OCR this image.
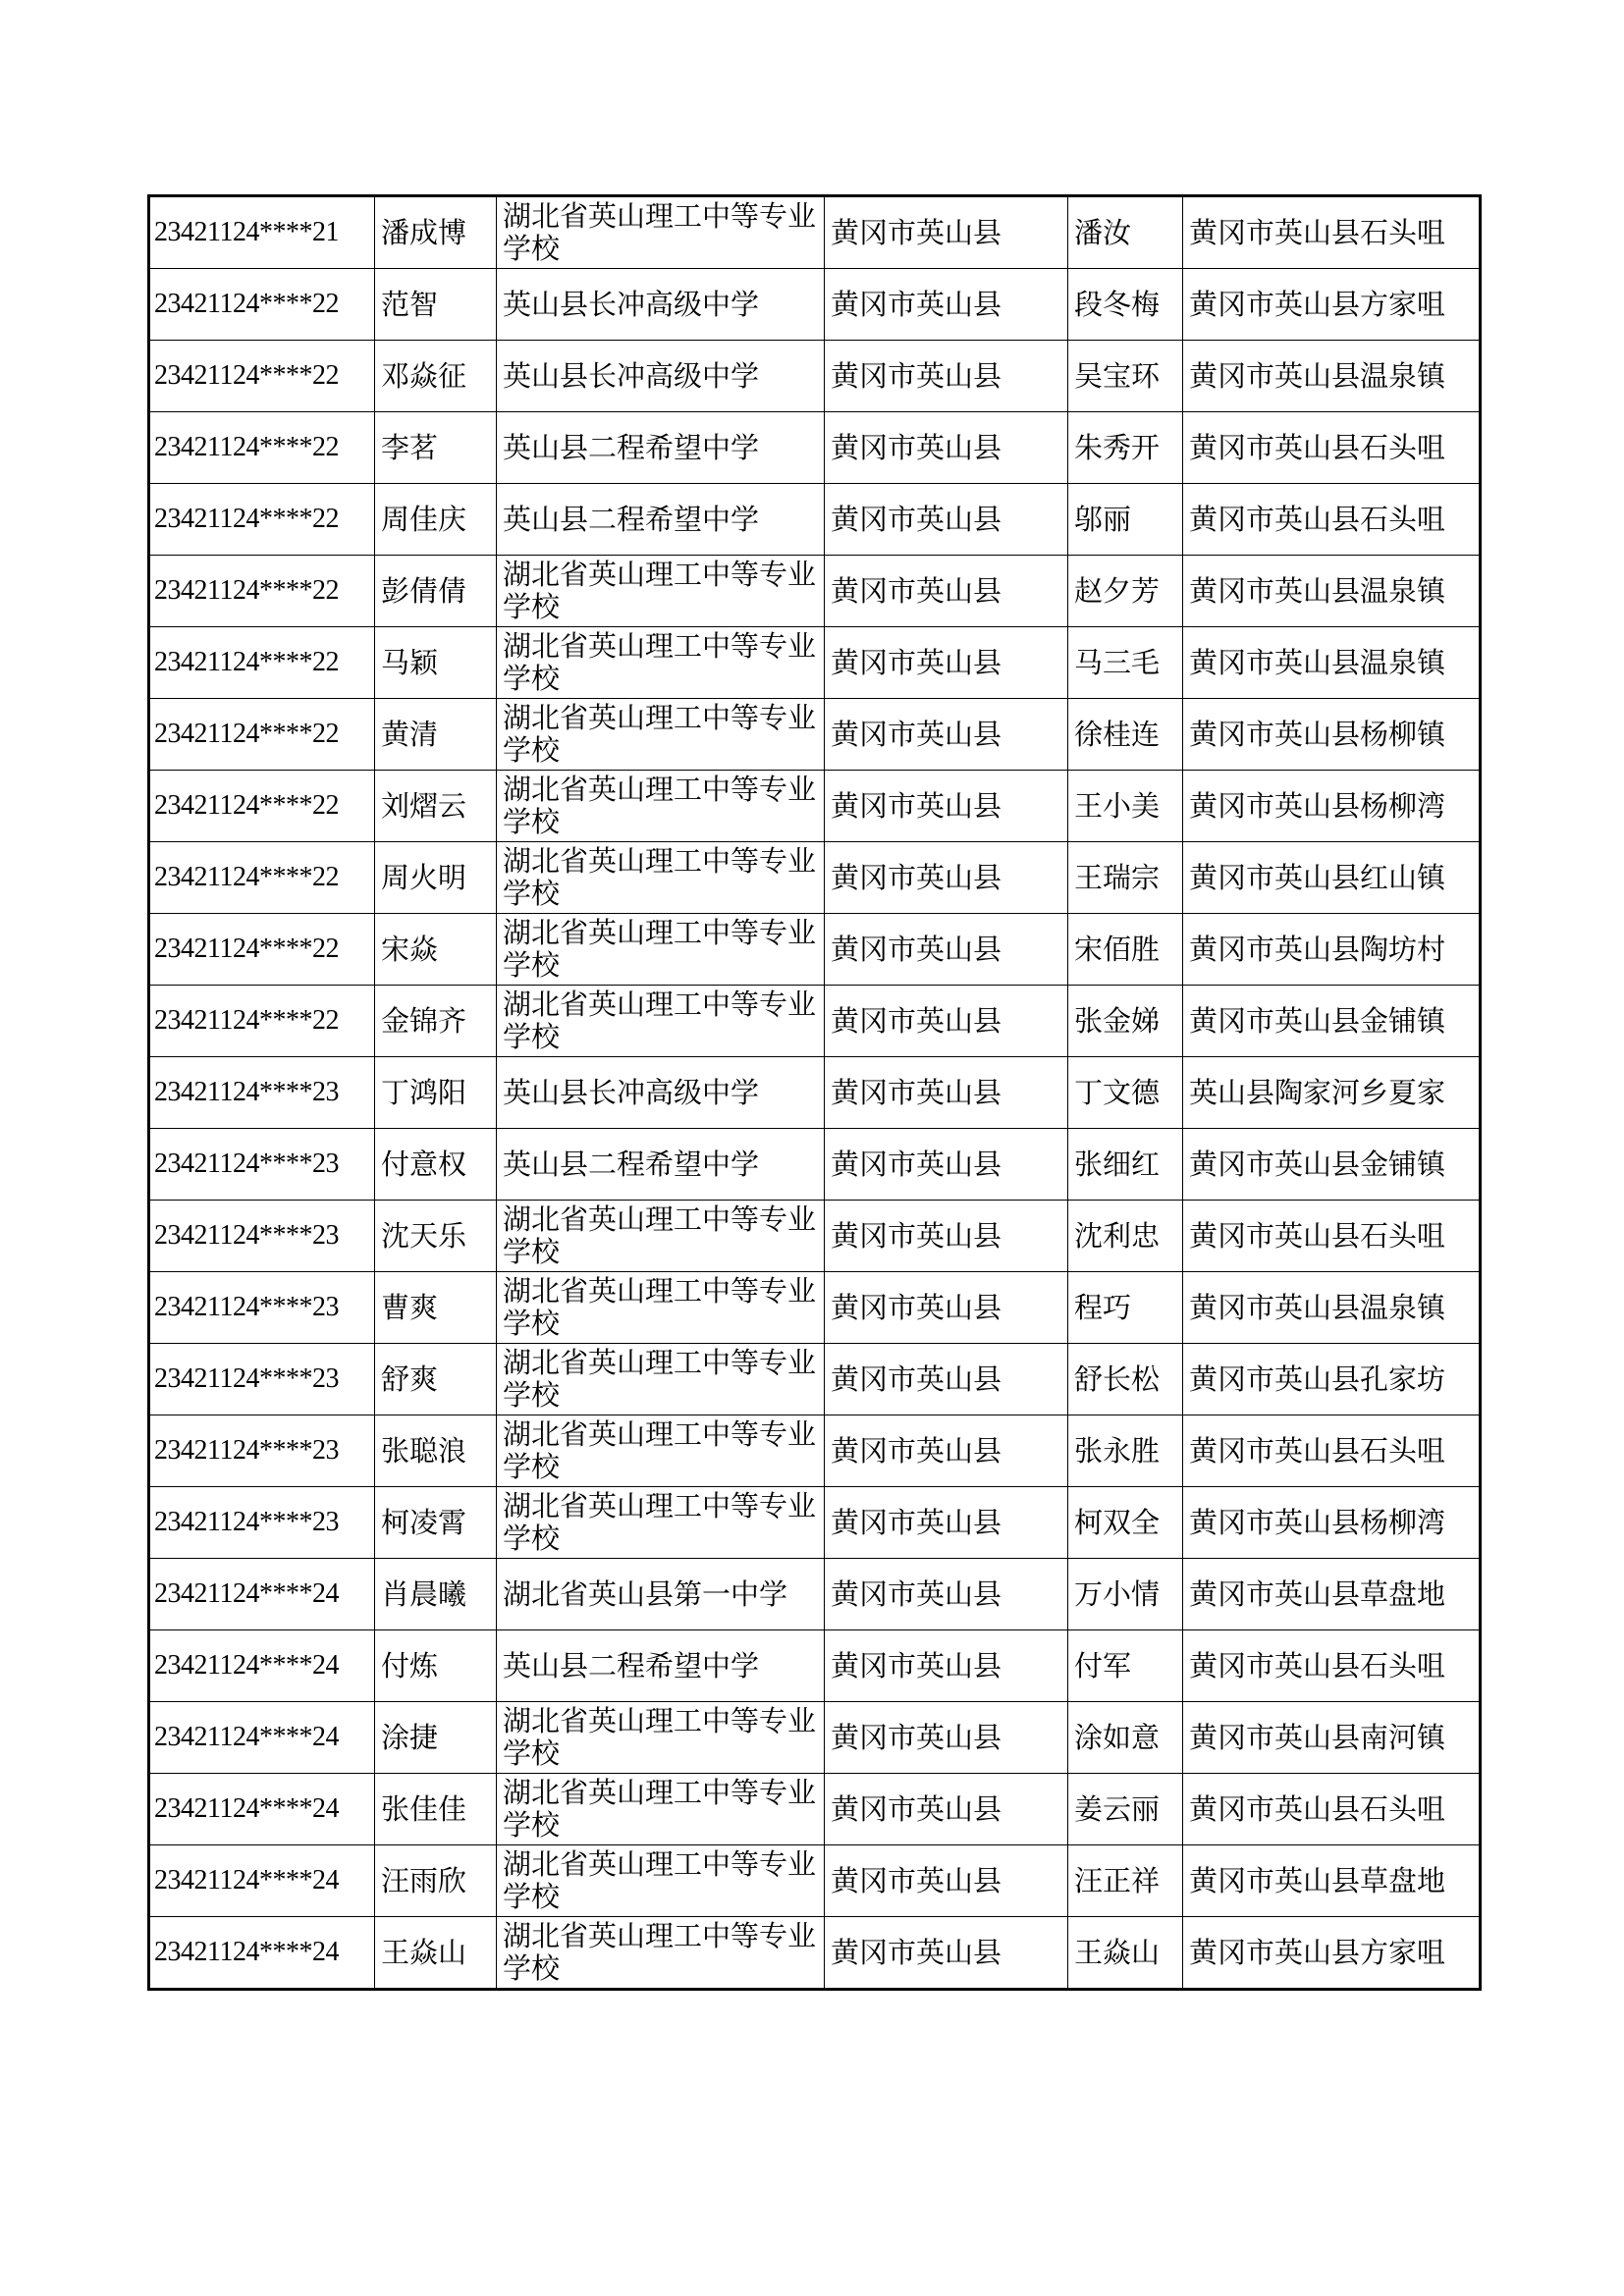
23421124****21	潘成博	湖北省英山理工中等专业学校	黄冈市英山县	潘汝	黄冈市英山县石头咀
23421124****22	范智	英山县长冲高级中学	黄冈市英山县	段冬梅	黄冈市英山县方家咀
23421124****22	邓焱征	英山县长冲高级中学	黄冈市英山县	吴宝环	黄冈市英山县温泉镇
23421124****22	李茗	英山县二程希望中学	黄冈市英山县	朱秀开	黄冈市英山县石头咀
23421124****22	周佳庆	英山县二程希望中学	黄冈市英山县	邬丽	黄冈市英山县石头咀
23421124****22	彭倩倩	湖北省英山理工中等专业学校	黄冈市英山县	赵夕芳	黄冈市英山县温泉镇
23421124****22	马颖	湖北省英山理工中等专业学校	黄冈市英山县	马三毛	黄冈市英山县温泉镇
23421124****22	黄清	湖北省英山理工中等专业学校	黄冈市英山县	徐桂连	黄冈市英山县杨柳镇
23421124****22	刘熠云	湖北省英山理工中等专业学校	黄冈市英山县	王小美	黄冈市英山县杨柳湾
23421124****22	周火明	湖北省英山理工中等专业学校	黄冈市英山县	王瑞宗	黄冈市英山县红山镇
23421124****22	宋焱	湖北省英山理工中等专业学校	黄冈市英山县	宋佰胜	黄冈市英山县陶坊村
23421124****22	金锦齐	湖北省英山理工中等专业学校	黄冈市英山县	张金娣	黄冈市英山县金铺镇
23421124****23	丁鸿阳	英山县长冲高级中学	黄冈市英山县	丁文德	英山县陶家河乡夏家
23421124****23	付意权	英山县二程希望中学	黄冈市英山县	张细红	黄冈市英山县金铺镇
23421124****23	沈天乐	湖北省英山理工中等专业学校	黄冈市英山县	沈利忠	黄冈市英山县石头咀
23421124****23	曹爽	湖北省英山理工中等专业学校	黄冈市英山县	程巧	黄冈市英山县温泉镇
23421124****23	舒爽	湖北省英山理工中等专业学校	黄冈市英山县	舒长松	黄冈市英山县孔家坊
23421124****23	张聪浪	湖北省英山理工中等专业学校	黄冈市英山县	张永胜	黄冈市英山县石头咀
23421124****23	柯凌霄	湖北省英山理工中等专业学校	黄冈市英山县	柯双全	黄冈市英山县杨柳湾
23421124****24	肖晨曦	湖北省英山县第一中学	黄冈市英山县	万小情	黄冈市英山县草盘地
23421124****24	付炼	英山县二程希望中学	黄冈市英山县	付军	黄冈市英山县石头咀
23421124****24	涂捷	湖北省英山理工中等专业学校	黄冈市英山县	涂如意	黄冈市英山县南河镇
23421124****24	张佳佳	湖北省英山理工中等专业学校	黄冈市英山县	姜云丽	黄冈市英山县石头咀
23421124****24	汪雨欣	湖北省英山理工中等专业学校	黄冈市英山县	汪正祥	黄冈市英山县草盘地
23421124****24	王焱山	湖北省英山理工中等专业学校	黄冈市英山县	王焱山	黄冈市英山县方家咀
